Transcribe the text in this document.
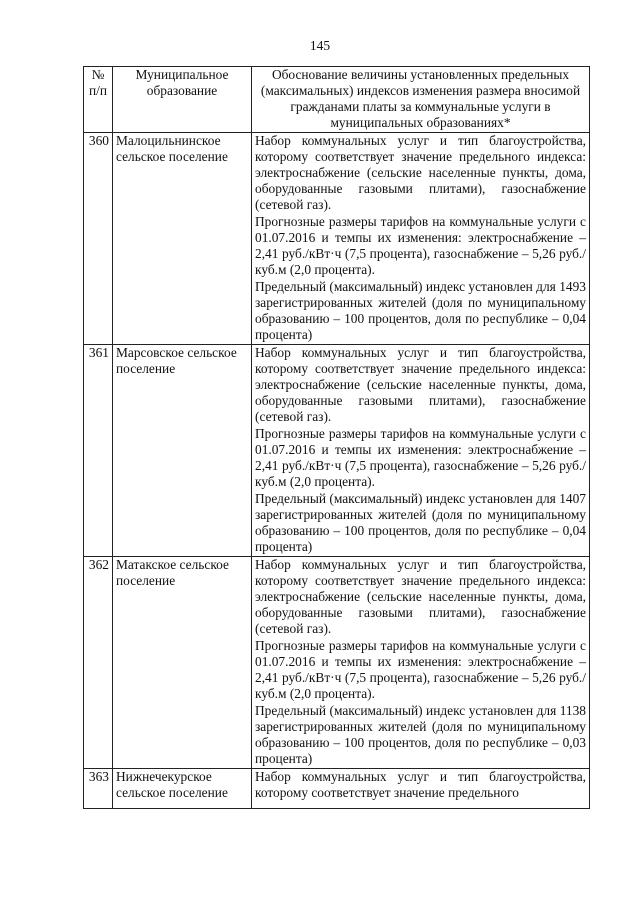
145
№ п/п	Муниципальное образование	Обоснование величины установленных предельных (максимальных) индексов изменения размера вносимой гражданами платы за коммунальные услуги в муниципальных образованиях*
360	Малоцильнинское сельское поселение	Набор коммунальных услуг и тип благоустройства, которому соответствует значение предельного индекса: электроснабжение (сельские населенные пункты, дома, оборудованные газовыми плитами), газоснабжение (сетевой газ).

Прогнозные размеры тарифов на коммунальные услуги с 01.07.2016 и темпы их изменения: электроснабжение – 2,41 руб./кВт·ч (7,5 процента), газоснабжение – 5,26 руб./куб.м (2,0 процента).

Предельный (максимальный) индекс установлен для 1493 зарегистрированных жителей (доля по муниципальному образованию – 100 процентов, доля по республике – 0,04 процента)

361	Марсовское сельское поселение	Набор коммунальных услуг и тип благоустройства, которому соответствует значение предельного индекса: электроснабжение (сельские населенные пункты, дома, оборудованные газовыми плитами), газоснабжение (сетевой газ).

Прогнозные размеры тарифов на коммунальные услуги с 01.07.2016 и темпы их изменения: электроснабжение – 2,41 руб./кВт·ч (7,5 процента), газоснабжение – 5,26 руб./куб.м (2,0 процента).

Предельный (максимальный) индекс установлен для 1407 зарегистрированных жителей (доля по муниципальному образованию – 100 процентов, доля по республике – 0,04 процента)

362	Матакское сельское поселение	Набор коммунальных услуг и тип благоустройства, которому соответствует значение предельного индекса: электроснабжение (сельские населенные пункты, дома, оборудованные газовыми плитами), газоснабжение (сетевой газ).

Прогнозные размеры тарифов на коммунальные услуги с 01.07.2016 и темпы их изменения: электроснабжение – 2,41 руб./кВт·ч (7,5 процента), газоснабжение – 5,26 руб./куб.м (2,0 процента).

Предельный (максимальный) индекс установлен для 1138 зарегистрированных жителей (доля по муниципальному образованию – 100 процентов, доля по республике – 0,03 процента)

363	Нижнечекурское сельское поселение	Набор коммунальных услуг и тип благоустройства, которому соответствует значение предельного
